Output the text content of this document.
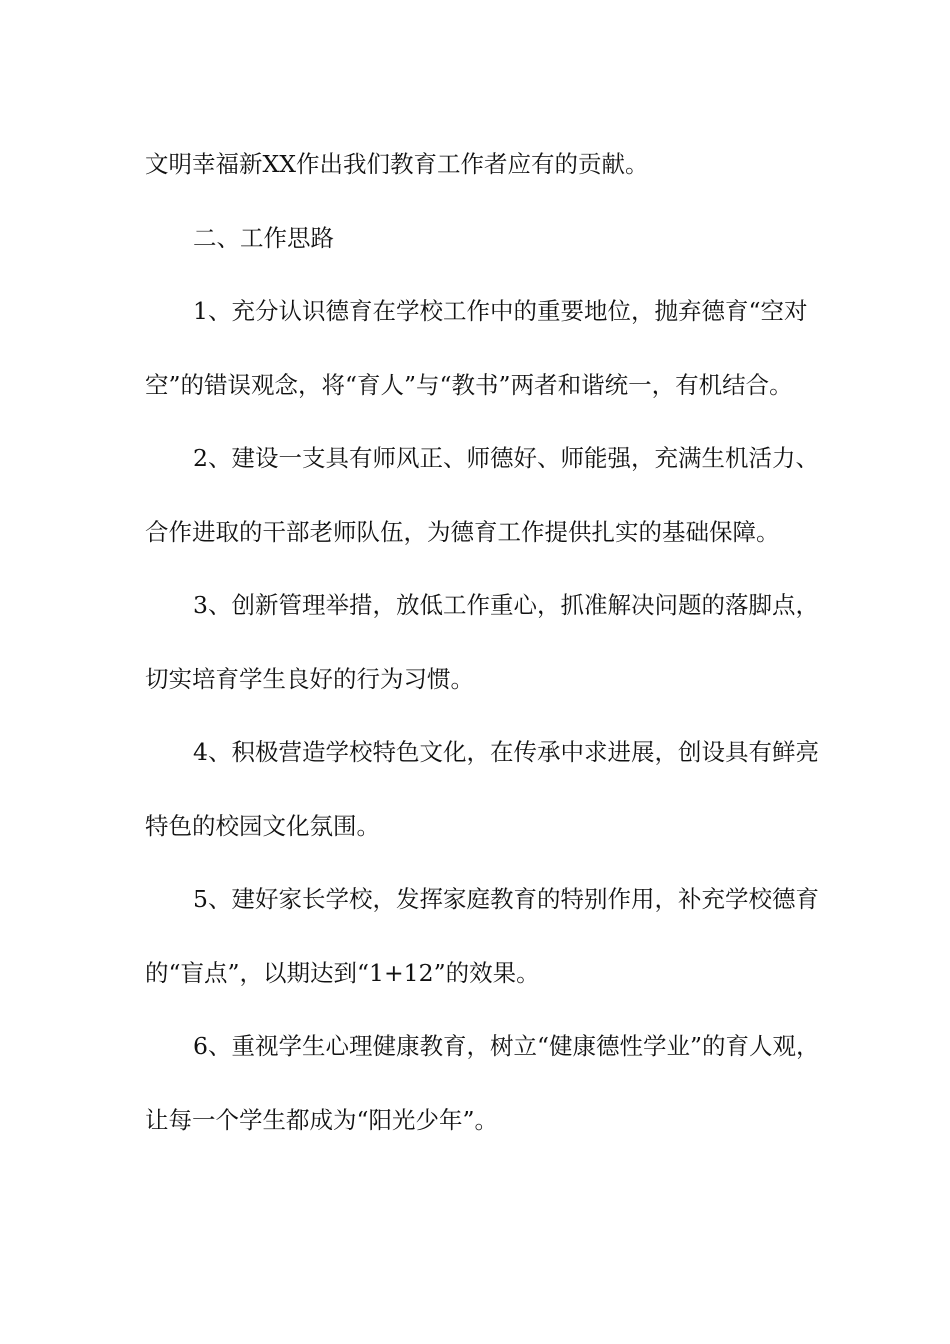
文明幸福新XX作出我们教育工作者应有的贡献。

二、工作思路

1、充分认识德育在学校工作中的重要地位，抛弃德育“空对空”的错误观念，将“育人”与“教书”两者和谐统一，有机结合。

2、建设一支具有师风正、师德好、师能强，充满生机活力、合作进取的干部老师队伍，为德育工作提供扎实的基础保障。

3、创新管理举措，放低工作重心，抓准解决问题的落脚点，切实培育学生良好的行为习惯。

4、积极营造学校特色文化，在传承中求进展，创设具有鲜亮特色的校园文化氛围。

5、建好家长学校，发挥家庭教育的特别作用，补充学校德育的“盲点”，以期达到“1+12”的效果。

6、重视学生心理健康教育，树立“健康德性学业”的育人观，让每一个学生都成为“阳光少年”。
